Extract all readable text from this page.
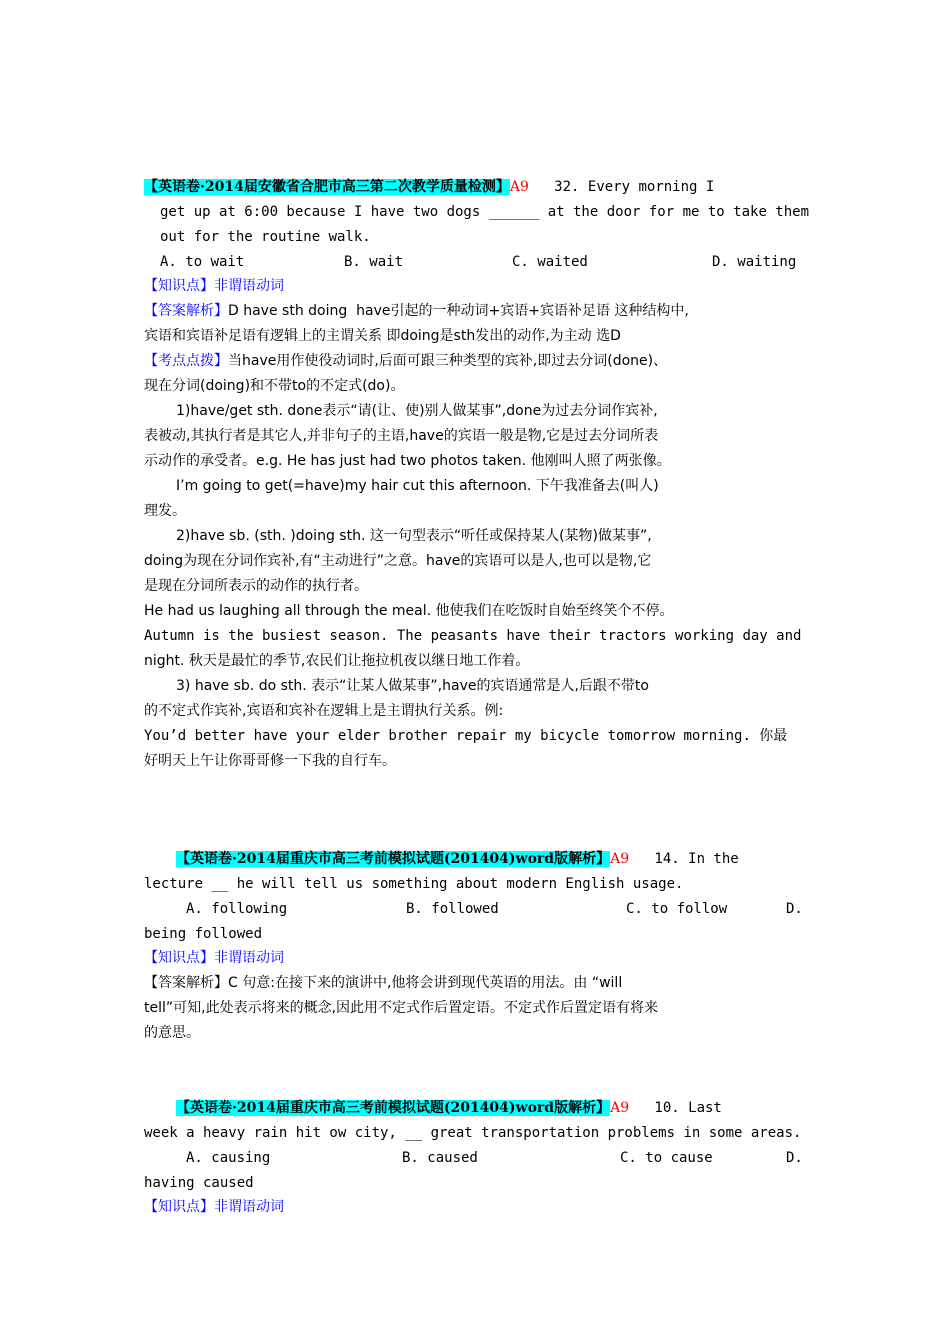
【英语卷·2014届安徽省合肥市高三第二次教学质量检测】A9 32. Every morning I
get up at 6:00 because I have two dogs ______ at the door for me to take them
out for the routine walk.
A. to wait	B. wait	C. waited	D. waiting
【知识点】非谓语动词
【答案解析】D have sth doing  have引起的一种动词+宾语+宾语补足语 这种结构中,
宾语和宾语补足语有逻辑上的主谓关系 即doing是sth发出的动作,为主动 选D
【考点点拨】当have用作使役动词时,后面可跟三种类型的宾补,即过去分词(done)、
现在分词(doing)和不带to的不定式(do)。
1)have/get sth. done表示“请(让、使)别人做某事”,done为过去分词作宾补,
表被动,其执行者是其它人,并非句子的主语,have的宾语一般是物,它是过去分词所表
示动作的承受者。e.g. He has just had two photos taken. 他刚叫人照了两张像。
I’m going to get(=have)my hair cut this afternoon. 下午我准备去(叫人)
理发。
2)have sb. (sth. )doing sth. 这一句型表示“听任或保持某人(某物)做某事”,
doing为现在分词作宾补,有“主动进行”之意。have的宾语可以是人,也可以是物,它
是现在分词所表示的动作的执行者。
He had us laughing all through the meal. 他使我们在吃饭时自始至终笑个不停。
Autumn is the busiest season. The peasants have their tractors working day and
night. 秋天是最忙的季节,农民们让拖拉机夜以继日地工作着。
3) have sb. do sth. 表示“让某人做某事”,have的宾语通常是人,后跟不带to
的不定式作宾补,宾语和宾补在逻辑上是主谓执行关系。例:
You’d better have your elder brother repair my bicycle tomorrow morning. 你最
好明天上午让你哥哥修一下我的自行车。
【英语卷·2014届重庆市高三考前模拟试题(201404)word版解析】A9 14. In the
lecture __ he will tell us something about modern English usage.
A. following	B. followed	C. to follow	D.
being followed
【知识点】非谓语动词
【答案解析】C 句意:在接下来的演讲中,他将会讲到现代英语的用法。由 “will
tell”可知,此处表示将来的概念,因此用不定式作后置定语。不定式作后置定语有将来
的意思。
【英语卷·2014届重庆市高三考前模拟试题(201404)word版解析】A9 10. Last
week a heavy rain hit ow city, __ great transportation problems in some areas.
A. causing	B. caused	C. to cause	D.
having caused
【知识点】非谓语动词
